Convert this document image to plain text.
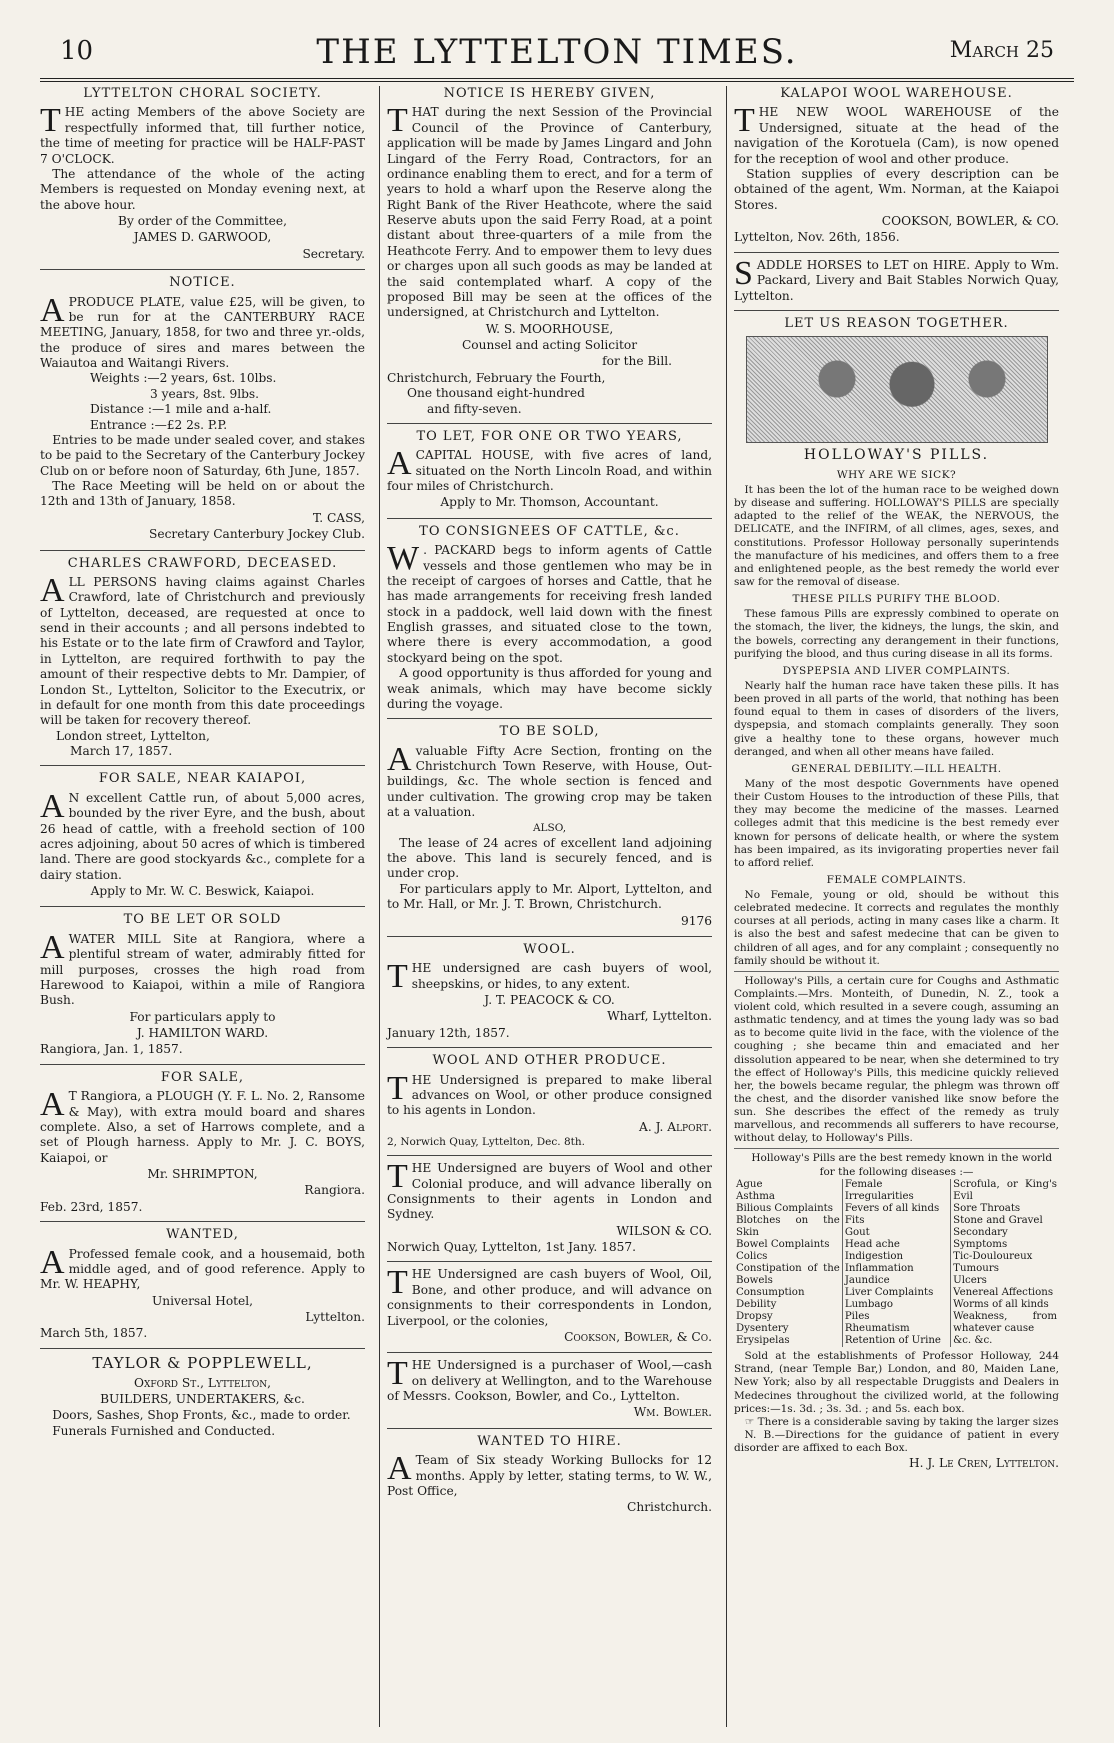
10	THE LYTTELTON TIMES.	March 25
LYTTELTON CHORAL SOCIETY.

THE acting Members of the above Society are respectfully informed that, till further notice, the time of meeting for practice will be HALF-PAST 7 O'CLOCK.

The attendance of the whole of the acting Members is requested on Monday evening next, at the above hour.

By order of the Committee,
JAMES D. GARWOOD,
Secretary.
NOTICE.

APRODUCE PLATE, value £25, will be given, to be run for at the CANTERBURY RACE MEETING, January, 1858, for two and three yr.-olds, the produce of sires and mares between the Waiautoa and Waitangi Rivers.

Weights :—2 years, 6st. 10lbs.
3 years, 8st. 9lbs.
Distance :—1 mile and a-half.
Entrance :—£2 2s. P.P.

Entries to be made under sealed cover, and stakes to be paid to the Secretary of the Canterbury Jockey Club on or before noon of Saturday, 6th June, 1857.

The Race Meeting will be held on or about the 12th and 13th of January, 1858.

T. CASS,
Secretary Canterbury Jockey Club.
CHARLES CRAWFORD, DECEASED.

ALL PERSONS having claims against Charles Crawford, late of Christchurch and previously of Lyttelton, deceased, are requested at once to send in their accounts ; and all persons indebted to his Estate or to the late firm of Crawford and Taylor, in Lyttelton, are required forthwith to pay the amount of their respective debts to Mr. Dampier, of London St., Lyttelton, Solicitor to the Executrix, or in default for one month from this date proceedings will be taken for recovery thereof.

London street, Lyttelton,
March 17, 1857.
FOR SALE, NEAR KAIAPOI,

A N excellent Cattle run, of about 5,000 acres, bounded by the river Eyre, and the bush, about 26 head of cattle, with a freehold section of 100 acres adjoining, about 50 acres of which is timbered land. There are good stockyards &c., complete for a dairy station.

Apply to Mr. W. C. Beswick, Kaiapoi.
TO BE LET OR SOLD

AWATER MILL Site at Rangiora, where a plentiful stream of water, admirably fitted for mill purposes, crosses the high road from Harewood to Kaiapoi, within a mile of Rangiora Bush.

For particulars apply to
J. HAMILTON WARD.
Rangiora, Jan. 1, 1857.
FOR SALE,

A T Rangiora, a PLOUGH (Y. F. L. No. 2, Ransome & May), with extra mould board and shares complete. Also, a set of Harrows complete, and a set of Plough harness. Apply to Mr. J. C. BOYS, Kaiapoi, or

Mr. SHRIMPTON,
Rangiora.
Feb. 23rd, 1857.
WANTED,

A Professed female cook, and a housemaid, both middle aged, and of good reference. Apply to Mr. W. HEAPHY,

Universal Hotel,
Lyttelton.
March 5th, 1857.
TAYLOR & POPPLEWELL,
Oxford St., Lyttelton,
BUILDERS, UNDERTAKERS, &c.

Doors, Sashes, Shop Fronts, &c., made to order.

Funerals Furnished and Conducted.

NOTICE IS HEREBY GIVEN,

THAT during the next Session of the Provincial Council of the Province of Canterbury, application will be made by James Lingard and John Lingard of the Ferry Road, Contractors, for an ordinance enabling them to erect, and for a term of years to hold a wharf upon the Reserve along the Right Bank of the River Heathcote, where the said Reserve abuts upon the said Ferry Road, at a point distant about three-quarters of a mile from the Heathcote Ferry. And to empower them to levy dues or charges upon all such goods as may be landed at the said contemplated wharf. A copy of the proposed Bill may be seen at the offices of the undersigned, at Christchurch and Lyttelton.

W. S. MOORHOUSE,
Counsel and acting Solicitor
for the Bill.
Christchurch, February the Fourth,
One thousand eight-hundred
and fifty-seven.
TO LET, FOR ONE OR TWO YEARS,

ACAPITAL HOUSE, with five acres of land, situated on the North Lincoln Road, and within four miles of Christchurch.

Apply to Mr. Thomson, Accountant.
TO CONSIGNEES OF CATTLE, &c.

W . PACKARD begs to inform agents of Cattle vessels and those gentlemen who may be in the receipt of cargoes of horses and Cattle, that he has made arrangements for receiving fresh landed stock in a paddock, well laid down with the finest English grasses, and situated close to the town, where there is every accommodation, a good stockyard being on the spot.

A good opportunity is thus afforded for young and weak animals, which may have become sickly during the voyage.

TO BE SOLD,

Avaluable Fifty Acre Section, fronting on the Christchurch Town Reserve, with House, Out-buildings, &c. The whole section is fenced and under cultivation. The growing crop may be taken at a valuation.

ALSO,

The lease of 24 acres of excellent land adjoining the above. This land is securely fenced, and is under crop.

For particulars apply to Mr. Alport, Lyttelton, and to Mr. Hall, or Mr. J. T. Brown, Christchurch.

9176
WOOL.

THE undersigned are cash buyers of wool, sheepskins, or hides, to any extent.

J. T. PEACOCK & CO.
Wharf, Lyttelton.
January 12th, 1857.
WOOL AND OTHER PRODUCE.

THE Undersigned is prepared to make liberal advances on Wool, or other produce consigned to his agents in London.

A. J. Alport.
2, Norwich Quay, Lyttelton, Dec. 8th.

THE Undersigned are buyers of Wool and other Colonial produce, and will advance liberally on Consignments to their agents in London and Sydney.

WILSON & CO.
Norwich Quay, Lyttelton, 1st Jany. 1857.

THE Undersigned are cash buyers of Wool, Oil, Bone, and other produce, and will advance on consignments to their correspondents in London, Liverpool, or the colonies,

Cookson, Bowler, & Co.

THE Undersigned is a purchaser of Wool,—cash on delivery at Wellington, and to the Warehouse of Messrs. Cookson, Bowler, and Co., Lyttelton.

Wm. Bowler.
WANTED TO HIRE.

A Team of Six steady Working Bullocks for 12 months. Apply by letter, stating terms, to W. W., Post Office,

Christchurch.
KALAPOI WOOL WAREHOUSE.

THE NEW WOOL WAREHOUSE of the Undersigned, situate at the head of the navigation of the Korotuela (Cam), is now opened for the reception of wool and other produce.

Station supplies of every description can be obtained of the agent, Wm. Norman, at the Kaiapoi Stores.

COOKSON, BOWLER, & CO.
Lyttelton, Nov. 26th, 1856.

SADDLE HORSES to LET on HIRE. Apply to Wm. Packard, Livery and Bait Stables Norwich Quay, Lyttelton.

LET US REASON TOGETHER.
HOLLOWAY'S PILLS.
WHY ARE WE SICK?

It has been the lot of the human race to be weighed down by disease and suffering. HOLLOWAY'S PILLS are specially adapted to the relief of the WEAK, the NERVOUS, the DELICATE, and the INFIRM, of all climes, ages, sexes, and constitutions. Professor Holloway personally superintends the manufacture of his medicines, and offers them to a free and enlightened people, as the best remedy the world ever saw for the removal of disease.

THESE PILLS PURIFY THE BLOOD.

These famous Pills are expressly combined to operate on the stomach, the liver, the kidneys, the lungs, the skin, and the bowels, correcting any derangement in their functions, purifying the blood, and thus curing disease in all its forms.

DYSPEPSIA AND LIVER COMPLAINTS.

Nearly half the human race have taken these pills. It has been proved in all parts of the world, that nothing has been found equal to them in cases of disorders of the livers, dyspepsia, and stomach complaints generally. They soon give a healthy tone to these organs, however much deranged, and when all other means have failed.

GENERAL DEBILITY.—ILL HEALTH.

Many of the most despotic Governments have opened their Custom Houses to the introduction of these Pills, that they may become the medicine of the masses. Learned colleges admit that this medicine is the best remedy ever known for persons of delicate health, or where the system has been impaired, as its invigorating properties never fail to afford relief.

FEMALE COMPLAINTS.

No Female, young or old, should be without this celebrated medecine. It corrects and regulates the monthly courses at all periods, acting in many cases like a charm. It is also the best and safest medecine that can be given to children of all ages, and for any complaint ; consequently no family should be without it.

Holloway's Pills, a certain cure for Coughs and Asthmatic Complaints.—Mrs. Monteith, of Dunedin, N. Z., took a violent cold, which resulted in a severe cough, assuming an asthmatic tendency, and at times the young lady was so bad as to become quite livid in the face, with the violence of the coughing ; she became thin and emaciated and her dissolution appeared to be near, when she determined to try the effect of Holloway's Pills, this medicine quickly relieved her, the bowels became regular, the phlegm was thrown off the chest, and the disorder vanished like snow before the sun. She describes the effect of the remedy as truly marvellous, and recommends all sufferers to have recourse, without delay, to Holloway's Pills.

Holloway's Pills are the best remedy known in the world for the following diseases :—

Ague
Asthma
Bilious Complaints
Blotches on the Skin
Bowel Complaints
Colics
Constipation of the Bowels
Consumption
Debility
Dropsy
Dysentery
Erysipelas

Female Irregularities
Fevers of all kinds
Fits
Gout
Head ache
Indigestion
Inflammation
Jaundice
Liver Complaints
Lumbago
Piles
Rheumatism
Retention of Urine

Scrofula, or King's Evil
Sore Throats
Stone and Gravel
Secondary Symptoms
Tic-Douloureux
Tumours
Ulcers
Venereal Affections
Worms of all kinds
Weakness, from whatever cause
&c. &c.

Sold at the establishments of Professor Holloway, 244 Strand, (near Temple Bar,) London, and 80, Maiden Lane, New York; also by all respectable Druggists and Dealers in Medecines throughout the civilized world, at the following prices:—1s. 3d. ; 3s. 3d. ; and 5s. each box.

☞ There is a considerable saving by taking the larger sizes

N. B.—Directions for the guidance of patient in every disorder are affixed to each Box.

H. J. Le Cren, Lyttelton.
